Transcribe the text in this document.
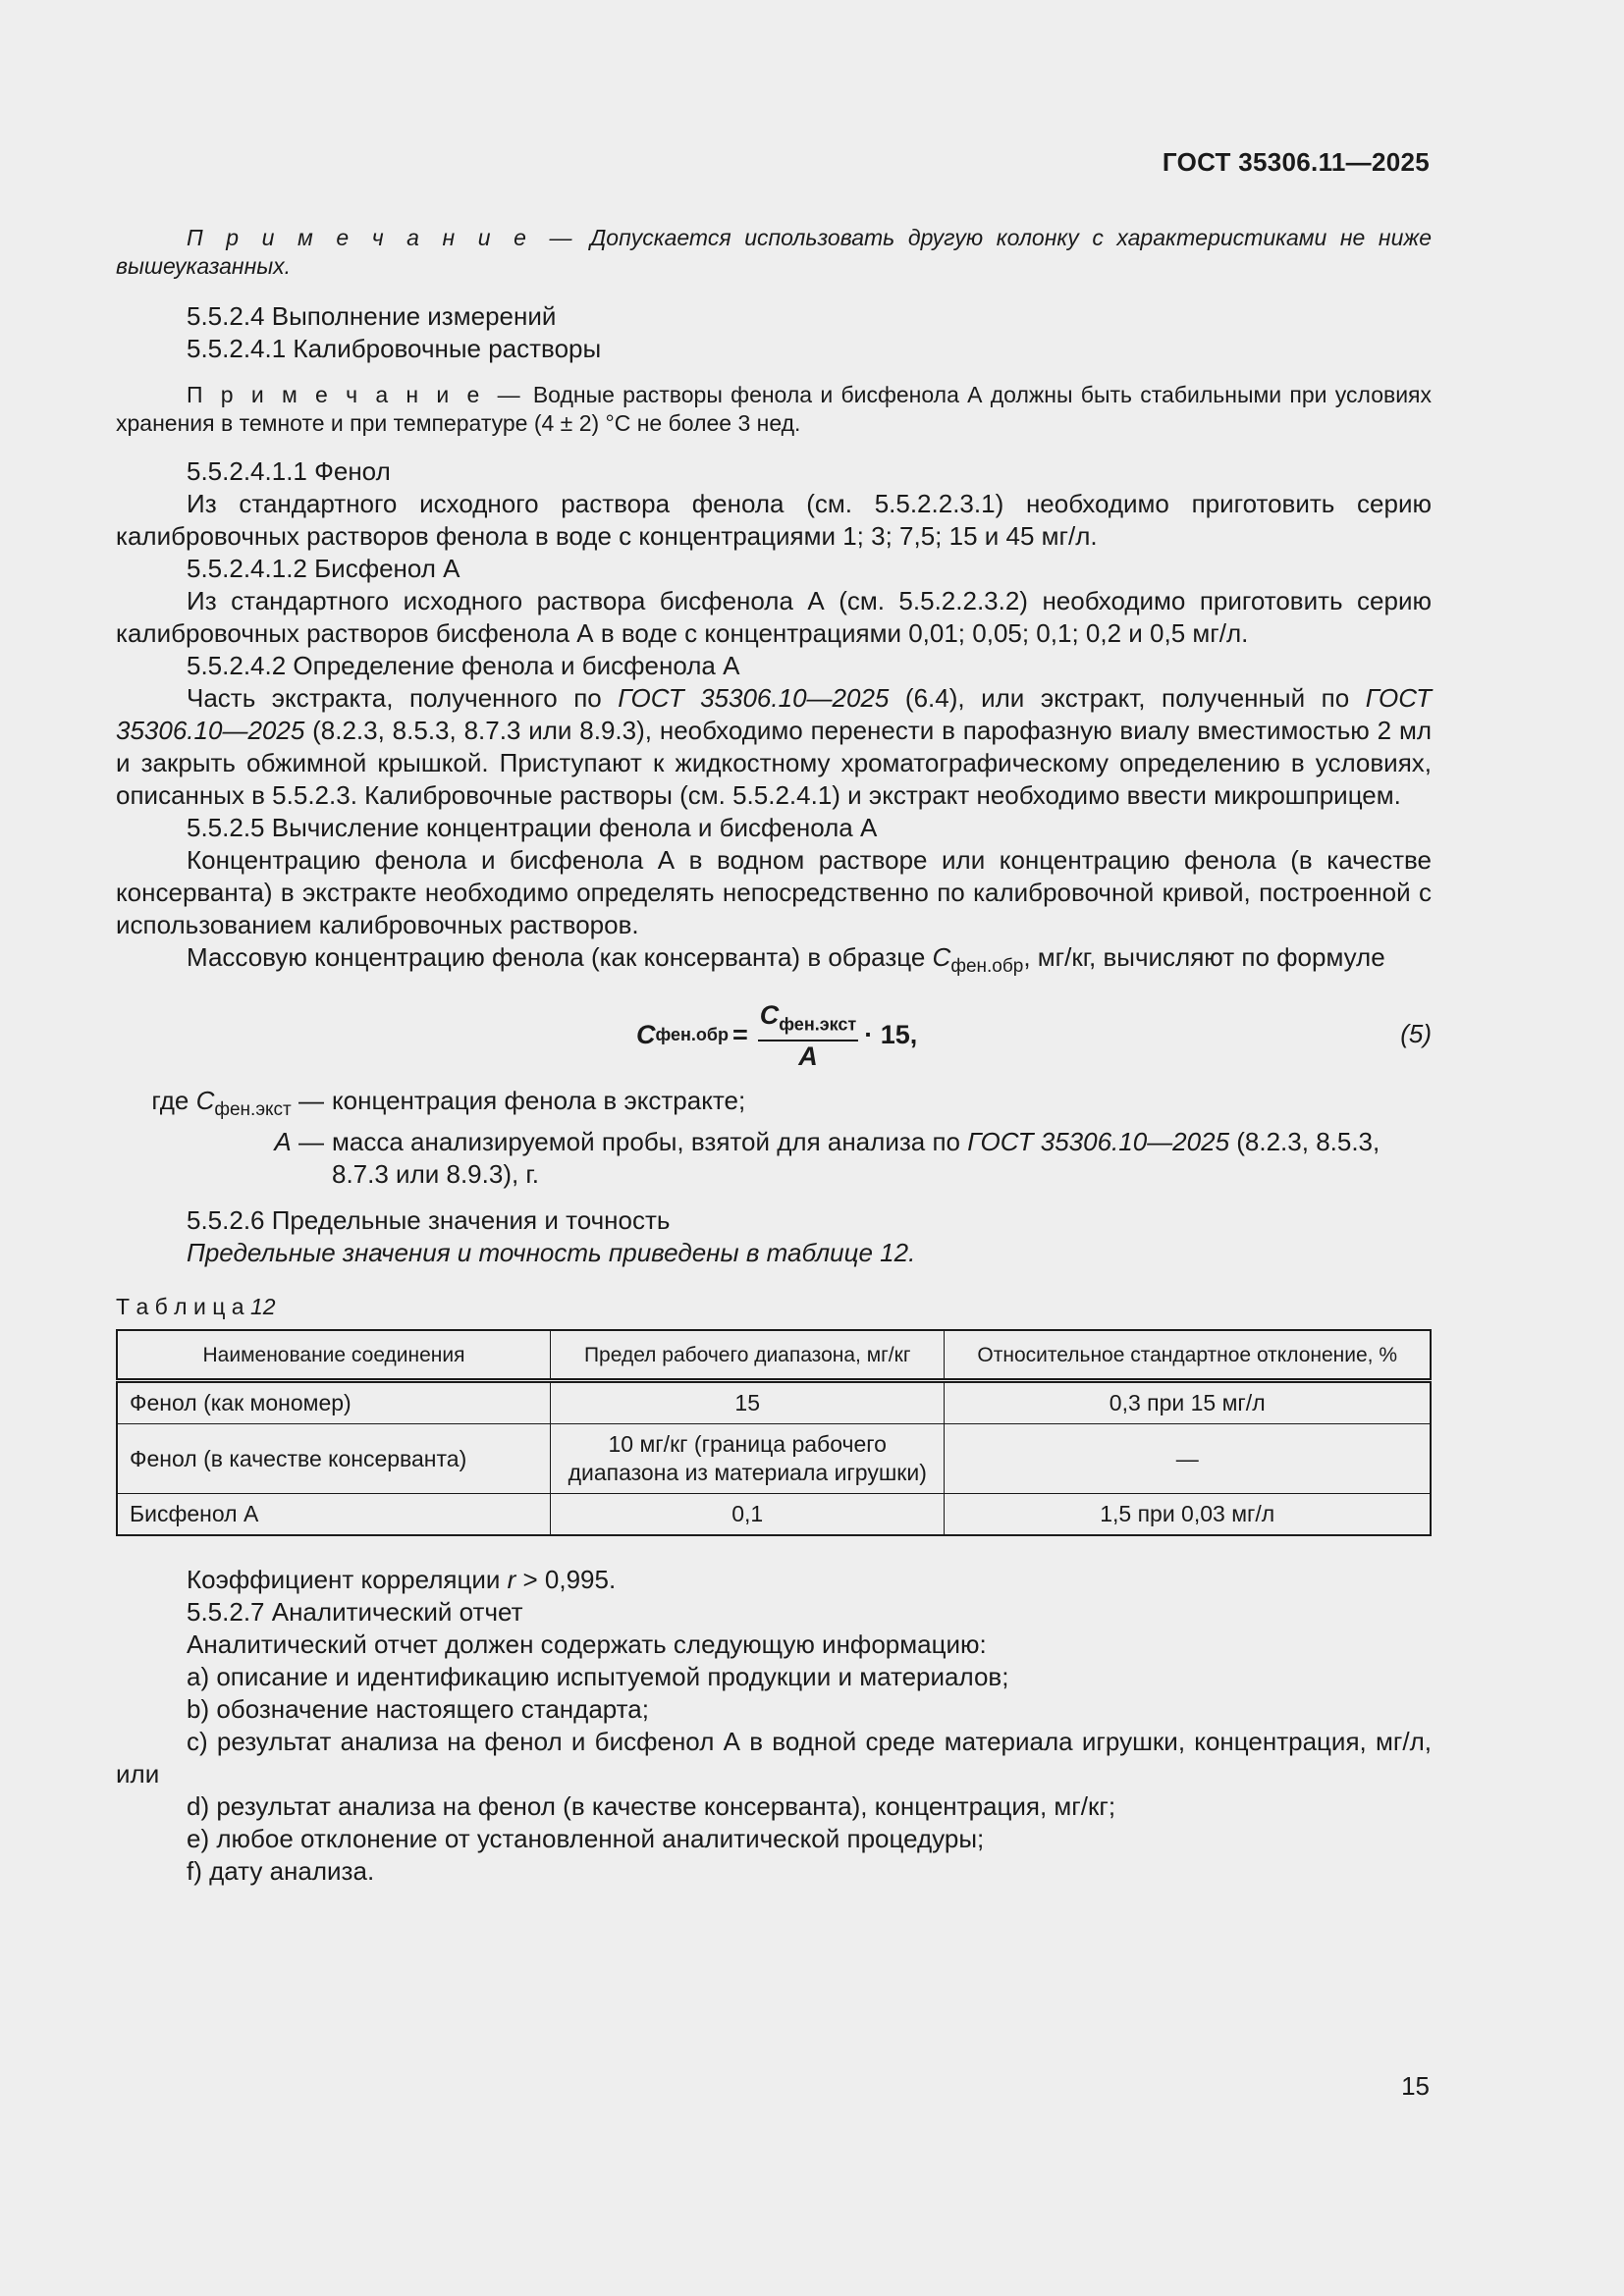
ГОСТ 35306.11—2025

П р и м е ч а н и е — Допускается использовать другую колонку с характеристиками не ниже вышеуказанных.

5.5.2.4 Выполнение измерений

5.5.2.4.1 Калибровочные растворы

П р и м е ч а н и е — Водные растворы фенола и бисфенола А должны быть стабильными при условиях хранения в темноте и при температуре (4 ± 2) °С не более 3 нед.

5.5.2.4.1.1 Фенол

Из стандартного исходного раствора фенола (см. 5.5.2.2.3.1) необходимо приготовить серию калибровочных растворов фенола в воде с концентрациями 1; 3; 7,5; 15 и 45 мг/л.

5.5.2.4.1.2 Бисфенол А

Из стандартного исходного раствора бисфенола А (см. 5.5.2.2.3.2) необходимо приготовить серию калибровочных растворов бисфенола А в воде с концентрациями 0,01; 0,05; 0,1; 0,2 и 0,5 мг/л.

5.5.2.4.2 Определение фенола и бисфенола А

Часть экстракта, полученного по ГОСТ 35306.10—2025 (6.4), или экстракт, полученный по ГОСТ 35306.10—2025 (8.2.3, 8.5.3, 8.7.3 или 8.9.3), необходимо перенести в парофазную виалу вместимостью 2 мл и закрыть обжимной крышкой. Приступают к жидкостному хроматографическому определению в условиях, описанных в 5.5.2.3. Калибровочные растворы (см. 5.5.2.4.1) и экстракт необходимо ввести микрошприцем.

5.5.2.5 Вычисление концентрации фенола и бисфенола А

Концентрацию фенола и бисфенола А в водном растворе или концентрацию фенола (в качестве консерванта) в экстракте необходимо определять непосредственно по калибровочной кривой, построенной с использованием калибровочных растворов.

Массовую концентрацию фенола (как консерванта) в образце $C_{фен.обр}$, мг/кг, вычисляют по формуле

C $фен.обр = \frac{C_{фен.экст}}{A} \cdot 15$,	(5)
где $C_{фен.экст}$ —	концентрация фенола в экстракте;
A —	масса анализируемой пробы, взятой для анализа по ГОСТ 35306.10—2025 (8.2.3, 8.5.3, 8.7.3 или 8.9.3), г.

5.5.2.6 Предельные значения и точность

Предельные значения и точность приведены в таблице 12.

Т а б л и ц а 12
Наименование соединения	Предел рабочего диапазона, мг/кг	Относительное стандартное отклонение, %
Фенол (как мономер)	15	0,3 при 15 мг/л
Фенол (в качестве консерванта)	10 мг/кг (граница рабочего диапазона из материала игрушки)	—
Бисфенол А	0,1	1,5 при 0,03 мг/л

Коэффициент корреляции r > 0,995.

5.5.2.7 Аналитический отчет

Аналитический отчет должен содержать следующую информацию:

a) описание и идентификацию испытуемой продукции и материалов;

b) обозначение настоящего стандарта;

c) результат анализа на фенол и бисфенол А в водной среде материала игрушки, концентрация, мг/л, или

d) результат анализа на фенол (в качестве консерванта), концентрация, мг/кг;

e) любое отклонение от установленной аналитической процедуры;

f) дату анализа.

15
